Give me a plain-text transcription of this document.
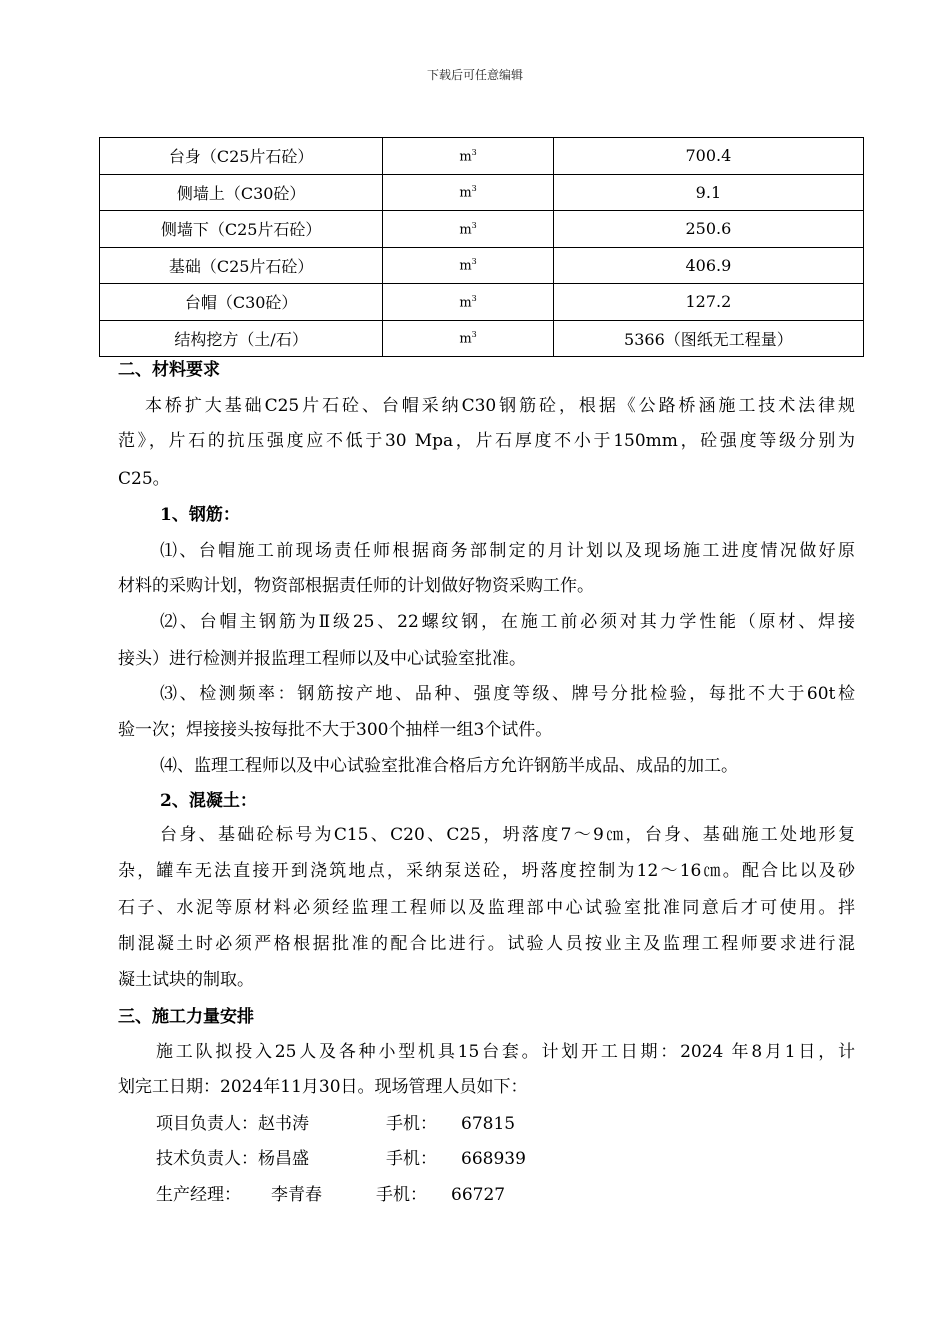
下载后可任意编辑
台身（C25片石砼）	$m^3$	700.4
侧墙上（C30砼）	$m^3$	9.1
侧墙下（C25片石砼）	$m^3$	250.6
基础（C25片石砼）	$m^3$	406.9
台帽（C30砼）	$m^3$	127.2
结构挖方（土/石）	$m^3$	5366（图纸无工程量）
二、材料要求
本桥扩大基础C25片石砼、台帽采纳C30钢筋砼，根据《公路桥涵施工技术法律规
范》，片石的抗压强度应不低于30 Mpa，片石厚度不小于150mm，砼强度等级分别为
C25。
1、钢筋：
⑴、台帽施工前现场责任师根据商务部制定的月计划以及现场施工进度情况做好原
材料的采购计划，物资部根据责任师的计划做好物资采购工作。
⑵、台帽主钢筋为Ⅱ级25、22螺纹钢，在施工前必须对其力学性能（原材、焊接
接头）进行检测并报监理工程师以及中心试验室批准。
⑶、检测频率：钢筋按产地、品种、强度等级、牌号分批检验，每批不大于60t检
验一次；焊接接头按每批不大于300个抽样一组3个试件。
⑷、监理工程师以及中心试验室批准合格后方允许钢筋半成品、成品的加工。
2、混凝土：
台身、基础砼标号为C15、C20、C25，坍落度7～9㎝，台身、基础施工处地形复
杂，罐车无法直接开到浇筑地点，采纳泵送砼，坍落度控制为12～16㎝。配合比以及砂
石子、水泥等原材料必须经监理工程师以及监理部中心试验室批准同意后才可使用。拌
制混凝土时必须严格根据批准的配合比进行。试验人员按业主及监理工程师要求进行混
凝土试块的制取。
三、施工力量安排
施工队拟投入25人及各种小型机具15台套。计划开工日期：2024 年8月1日，计
划完工日期：2024年11月30日。现场管理人员如下：
项目负责人：赵书涛	手机： 67815
技术负责人：杨昌盛	手机： 668939
生产经理： 李青春	手机： 66727
